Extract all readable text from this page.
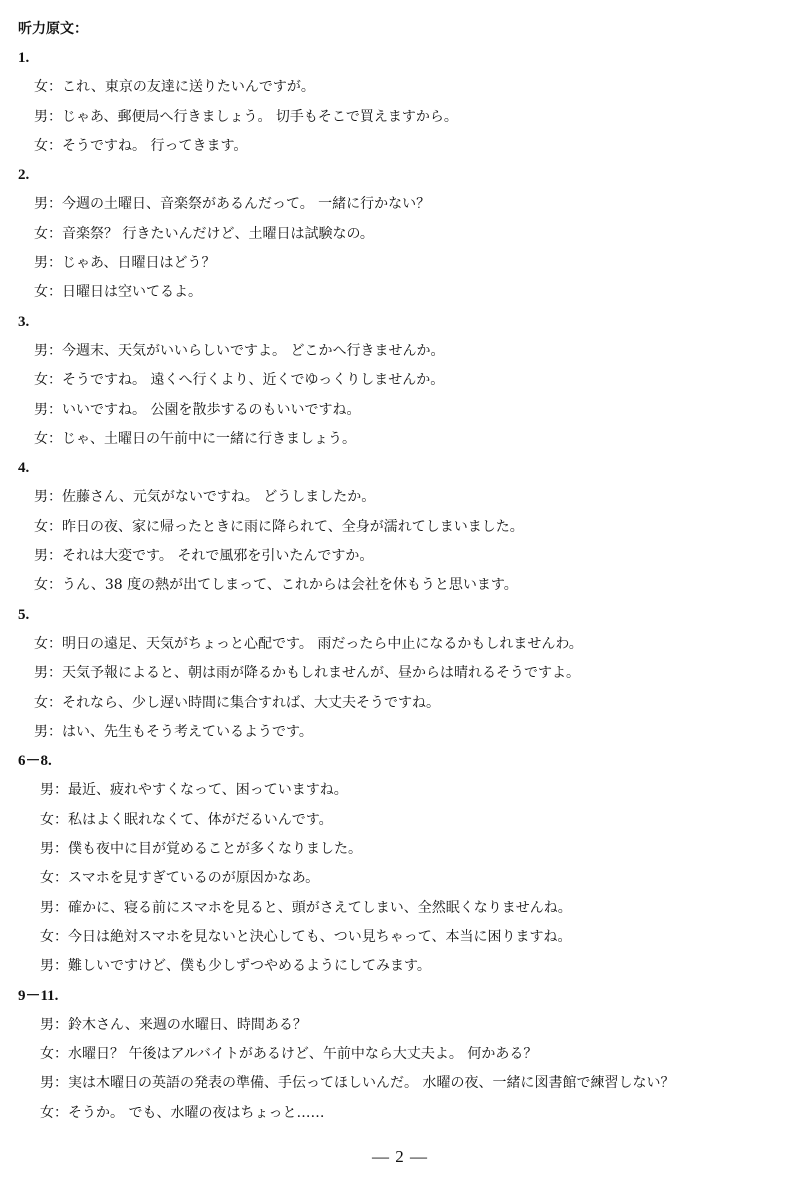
听力原文：
1.
女：これ、東京の友達に送りたいんですが。
男：じゃあ、郵便局へ行きましょう。 切手もそこで買えますから。
女：そうですね。 行ってきます。
2.
男：今週の土曜日、音楽祭があるんだって。 一緒に行かない？
女：音楽祭？ 行きたいんだけど、土曜日は試験なの。
男：じゃあ、日曜日はどう？
女：日曜日は空いてるよ。
3.
男：今週末、天気がいいらしいですよ。 どこかへ行きませんか。
女：そうですね。 遠くへ行くより、近くでゆっくりしませんか。
男：いいですね。 公園を散歩するのもいいですね。
女：じゃ、土曜日の午前中に一緒に行きましょう。
4.
男：佐藤さん、元気がないですね。 どうしましたか。
女：昨日の夜、家に帰ったときに雨に降られて、全身が濡れてしまいました。
男：それは大変です。 それで風邪を引いたんですか。
女：うん、38 度の熱が出てしまって、これからは会社を休もうと思います。
5.
女：明日の遠足、天気がちょっと心配です。 雨だったら中止になるかもしれませんわ。
男：天気予報によると、朝は雨が降るかもしれませんが、昼からは晴れるそうですよ。
女：それなら、少し遅い時間に集合すれば、大丈夫そうですね。
男：はい、先生もそう考えているようです。
6－8.
男：最近、疲れやすくなって、困っていますね。
女：私はよく眠れなくて、体がだるいんです。
男：僕も夜中に目が覚めることが多くなりました。
女：スマホを見すぎているのが原因かなあ。
男：確かに、寝る前にスマホを見ると、頭がさえてしまい、全然眠くなりませんね。
女：今日は絶対スマホを見ないと決心しても、つい見ちゃって、本当に困りますね。
男：難しいですけど、僕も少しずつやめるようにしてみます。
9－11.
男：鈴木さん、来週の水曜日、時間ある？
女：水曜日？ 午後はアルバイトがあるけど、午前中なら大丈夫よ。 何かある？
男：実は木曜日の英語の発表の準備、手伝ってほしいんだ。 水曜の夜、一緒に図書館で練習しない？
女：そうか。 でも、水曜の夜はちょっと……
— 2 —
